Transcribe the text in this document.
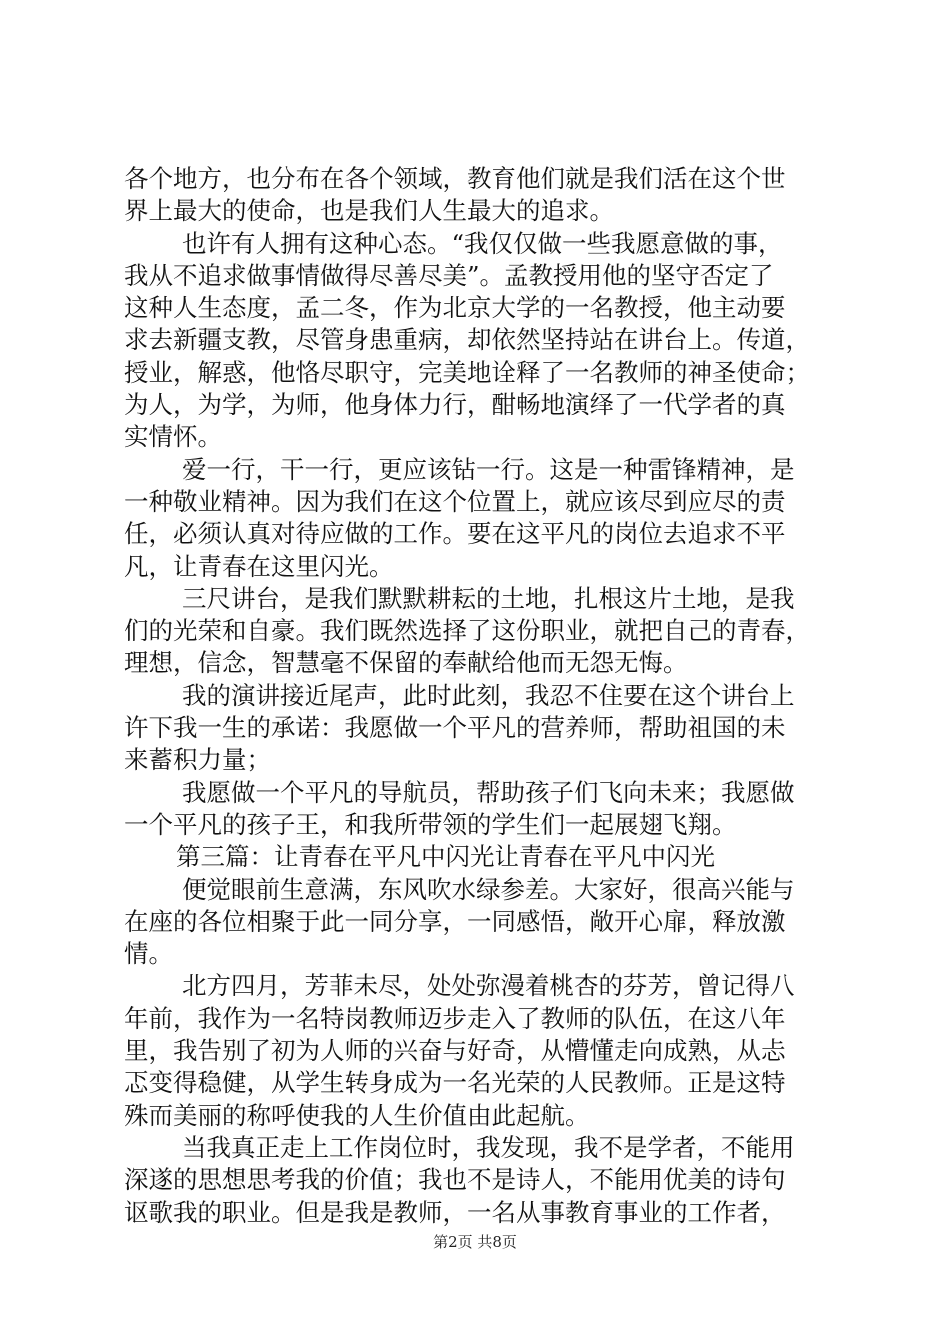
各个地方，也分布在各个领域，教育他们就是我们活在这个世
界上最大的使命，也是我们人生最大的追求。
也许有人拥有这种心态。“我仅仅做一些我愿意做的事，
我从不追求做事情做得尽善尽美”。孟教授用他的坚守否定了
这种人生态度，孟二冬，作为北京大学的一名教授，他主动要
求去新疆支教，尽管身患重病，却依然坚持站在讲台上。传道，
授业，解惑，他恪尽职守，完美地诠释了一名教师的神圣使命；
为人，为学，为师，他身体力行，酣畅地演绎了一代学者的真
实情怀。
爱一行，干一行，更应该钻一行。这是一种雷锋精神，是
一种敬业精神。因为我们在这个位置上，就应该尽到应尽的责
任，必须认真对待应做的工作。要在这平凡的岗位去追求不平
凡，让青春在这里闪光。
三尺讲台，是我们默默耕耘的土地，扎根这片土地，是我
们的光荣和自豪。我们既然选择了这份职业，就把自己的青春，
理想，信念，智慧毫不保留的奉献给他而无怨无悔。
我的演讲接近尾声，此时此刻，我忍不住要在这个讲台上
许下我一生的承诺：我愿做一个平凡的营养师，帮助祖国的未
来蓄积力量；
我愿做一个平凡的导航员，帮助孩子们飞向未来；我愿做
一个平凡的孩子王，和我所带领的学生们一起展翅飞翔。
第三篇：让青春在平凡中闪光让青春在平凡中闪光
便觉眼前生意满，东风吹水绿参差。大家好，很高兴能与
在座的各位相聚于此一同分享，一同感悟，敞开心扉，释放激
情。
北方四月，芳菲未尽，处处弥漫着桃杏的芬芳，曾记得八
年前，我作为一名特岗教师迈步走入了教师的队伍，在这八年
里，我告别了初为人师的兴奋与好奇，从懵懂走向成熟，从忐
忑变得稳健，从学生转身成为一名光荣的人民教师。正是这特
殊而美丽的称呼使我的人生价值由此起航。
当我真正走上工作岗位时，我发现，我不是学者，不能用
深遂的思想思考我的价值；我也不是诗人，不能用优美的诗句
讴歌我的职业。但是我是教师，一名从事教育事业的工作者，
第2页 共8页
